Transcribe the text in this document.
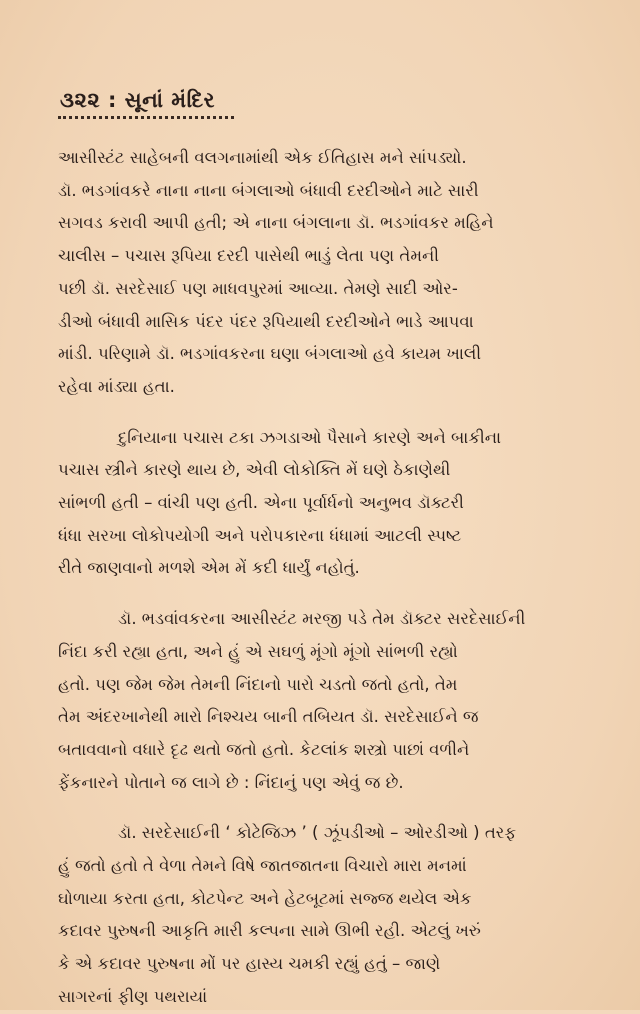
૩૨૨ : સૂનાં મંદિર
આસીસ્ટંટ સાહેબની વલગનામાંથી એક ઈતિહાસ મને સાંપડ્યો.
ડૉ. ભડગાંવકરે નાના નાના બંગલાઓ બંધાવી દરદીઓને માટે સારી
સગવડ કરાવી આપી હતી; એ નાના બંગલાના ડૉ. ભડગાંવકર મહિને
ચાલીસ – પચાસ રૂપિયા દરદી પાસેથી ભાડું લેતા પણ તેમની
પછી ડૉ. સરદેસાઈ પણ માધવપુરમાં આવ્યા. તેમણે સાદી ઓર-
ડીઓ બંધાવી માસિક પંદર પંદર રૂપિયાથી દરદીઓને ભાડે આપવા
માંડી. પરિણામે ડૉ. ભડગાંવકરના ઘણા બંગલાઓ હવે કાયમ ખાલી
રહેવા માંડ્યા હતા.
દુનિયાના પચાસ ટકા ઝગડાઓ પૈસાને કારણે અને બાકીના
પચાસ સ્ત્રીને કારણે થાય છે, એવી લોકોક્તિ મેં ઘણે ઠેકાણેથી
સાંભળી હતી – વાંચી પણ હતી. એના પૂર્વાર્ધનો અનુભવ ડૉક્ટરી
ધંધા સરખા લોકોપયોગી અને પરોપકારના ધંધામાં આટલી સ્પષ્ટ
રીતે જાણવાનો મળશે એમ મેં કદી ધાર્યું નહોતું.
ડૉ. ભડવાંવકરના આસીસ્ટંટ મરજી પડે તેમ ડૉક્ટર સરદેસાઈની
નિંદા કરી રહ્યા હતા, અને હું એ સઘળું મૂંગો મૂંગો સાંભળી રહ્યો
હતો. પણ જેમ જેમ તેમની નિંદાનો પારો ચડતો જતો હતો, તેમ
તેમ અંદરખાનેથી મારો નિશ્ચય બાની તબિયત ડૉ. સરદેસાઈને જ
બતાવવાનો વધારે દૃઢ થતો જતો હતો. કેટલાંક શસ્ત્રો પાછાં વળીને
ફેંકનારને પોતાને જ લાગે છે : નિંદાનું પણ એવું જ છે.
ડૉ. સરદેસાઈની ‘ કોટેજિઝ ’ ( ઝૂંપડીઓ – ઓરડીઓ ) તરફ
હું જતો હતો તે વેળા તેમને વિષે જાતજાતના વિચારો મારા મનમાં
ઘોળાયા કરતા હતા, કોટપેન્ટ અને હેટબૂટમાં સજ્જ થયેલ એક
કદાવર પુરુષની આકૃતિ મારી કલ્પના સામે ઊભી રહી. એટલું ખરું
કે એ કદાવર પુરુષના મોં પર હાસ્ય ચમકી રહ્યું હતું – જાણે
સાગરનાં ફીણ પથરાયાં
